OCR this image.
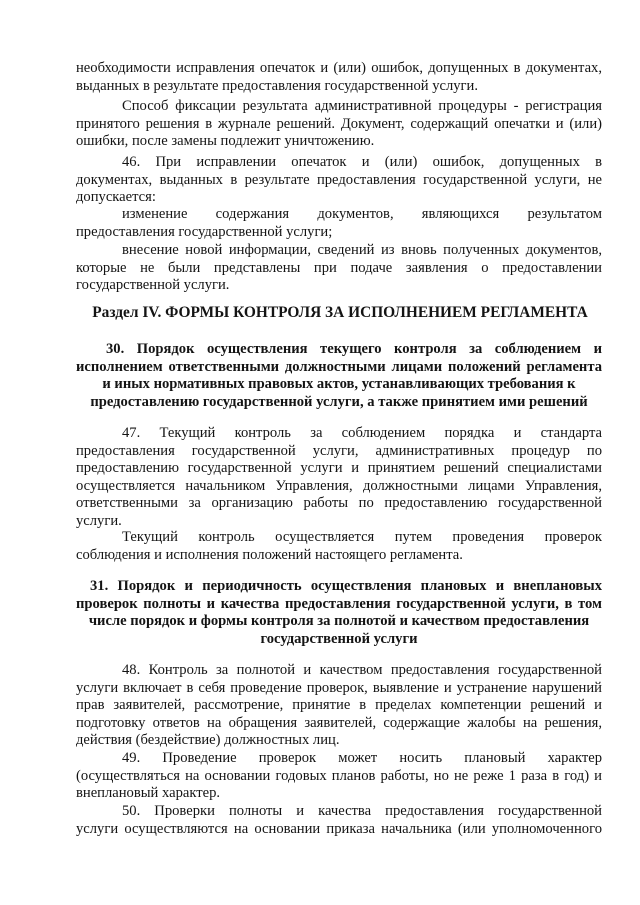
необходимости исправления опечаток и (или) ошибок, допущенных в документах,
выданных в результате предоставления государственной услуги.
Способ фиксации результата административной процедуры - регистрация
принятого решения в журнале решений. Документ, содержащий опечатки и (или)
ошибки, после замены подлежит уничтожению.
46. При исправлении опечаток и (или) ошибок, допущенных в
документах, выданных в результате предоставления государственной услуги, не
допускается:
изменение содержания документов, являющихся результатом
предоставления государственной услуги;
внесение новой информации, сведений из вновь полученных документов,
которые не были представлены при подаче заявления о предоставлении
государственной услуги.
Раздел IV. ФОРМЫ КОНТРОЛЯ ЗА ИСПОЛНЕНИЕМ РЕГЛАМЕНТА
30. Порядок осуществления текущего контроля за соблюдением и
исполнением ответственными должностными лицами положений регламента
и иных нормативных правовых актов, устанавливающих требования к
предоставлению государственной услуги, а также принятием ими решений
47. Текущий контроль за соблюдением порядка и стандарта
предоставления государственной услуги, административных процедур по
предоставлению государственной услуги и принятием решений специалистами
осуществляется начальником Управления, должностными лицами Управления,
ответственными за организацию работы по предоставлению государственной
услуги.
Текущий контроль осуществляется путем проведения проверок
соблюдения и исполнения положений настоящего регламента.
31. Порядок и периодичность осуществления плановых и внеплановых
проверок полноты и качества предоставления государственной услуги, в том
числе порядок и формы контроля за полнотой и качеством предоставления
государственной услуги
48. Контроль за полнотой и качеством предоставления государственной
услуги включает в себя проведение проверок, выявление и устранение нарушений
прав заявителей, рассмотрение, принятие в пределах компетенции решений и
подготовку ответов на обращения заявителей, содержащие жалобы на решения,
действия (бездействие) должностных лиц.
49. Проведение проверок может носить плановый характер
(осуществляться на основании годовых планов работы, но не реже 1 раза в год) и
внеплановый характер.
50. Проверки полноты и качества предоставления государственной
услуги осуществляются на основании приказа начальника (или уполномоченного
